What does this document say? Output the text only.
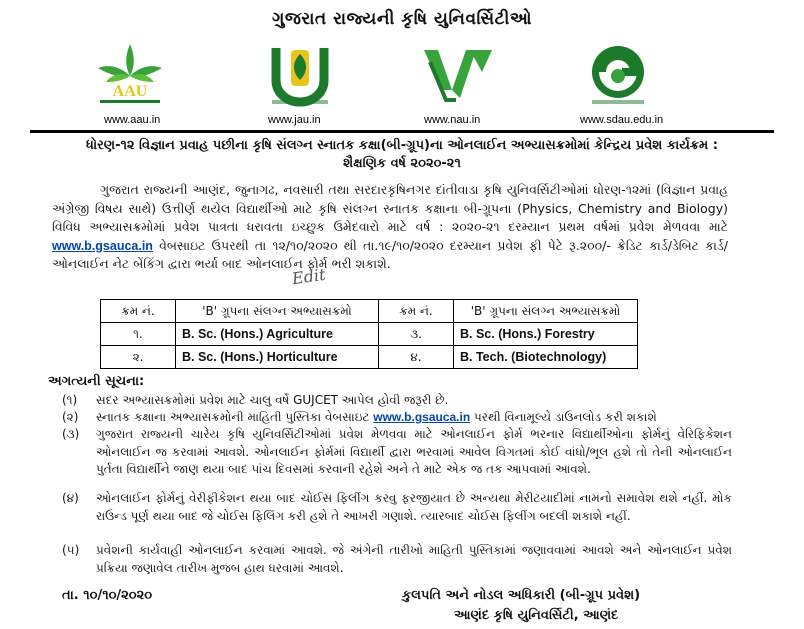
ગુજરાત રાજ્યની કૃષિ યુનિવર્સિટીઓ
AAU
www.aau.in	www.jau.in	www.nau.in	www.sdau.edu.in
ધોરણ-૧૨ વિજ્ઞાન પ્રવાહ પછીના કૃષિ સંલગ્ન સ્નાતક કક્ષા(બી-ગ્રૂપ)ના ઓનલાઈન અભ્યાસક્રમોમાં કેન્દ્રિય પ્રવેશ કાર્યક્રમ :
શૈક્ષણિક વર્ષ ૨૦૨૦-૨૧
ગુજરાત રાજ્યની આણંદ, જુનાગઢ, નવસારી તથા સરદારકૃષિનગર દાંતીવાડા કૃષિ યુનિવર્સિટીઓમાં ધોરણ-૧૨માં (વિજ્ઞાન પ્રવાહ અંગ્રેજી વિષય સાથે) ઉત્તીર્ણ થયેલ વિદ્યાર્થીઓ માટે કૃષિ સંલગ્ન સ્નાતક કક્ષાના બી-ગ્રૂપના (Physics, Chemistry and Biology) વિવિધ અભ્યાસક્રમોમાં પ્રવેશ પાત્રતા ધરાવતા ઇચ્છુક ઉમેદવારો માટે વર્ષ : ૨૦૨૦-૨૧ દરમ્યાન પ્રથમ વર્ષમાં પ્રવેશ મેળવવા માટે www.b.gsauca.in વેબસાઇટ ઉપરથી તા ૧૨/૧૦/૨૦૨૦ થી તા.૧૯/૧૦/૨૦૨૦ દરમ્યાન પ્રવેશ ફી પેટે રૂ.૨૦૦/- ક્રેડિટ કાર્ડ/ડેબિટ કાર્ડ/ઓનલાઈન નેટ બેંકિંગ દ્વારા ભર્યા બાદ ઓનલાઈન ફોર્મ ભરી શકાશે.
Edit
ક્રમ નં.	'B' ગ્રૂપના સંલગ્ન અભ્યાસક્રમો	ક્રમ નં.	'B' ગ્રૂપના સંલગ્ન અભ્યાસક્રમો
૧.	B. Sc. (Hons.) Agriculture	૩.	B. Sc. (Hons.) Forestry
૨.	B. Sc. (Hons.) Horticulture	૪.	B. Tech. (Biotechnology)
અગત્યની સૂચના:
(૧)	સદર અભ્યાસક્રમોમાં પ્રવેશ માટે ચાલુ વર્ષે GUJCET આપેલ હોવી જરૂરી છે.
(૨)	સ્નાતક કક્ષાના અભ્યાસક્રમોની માહિતી પુસ્તિકા વેબસાઇટ www.b.gsauca.in પરથી વિનામૂલ્યે ડાઉનલોડ કરી શકાશે
(૩)	ગુજરાત રાજ્યની ચારેય કૃષિ યુનિવર્સિટીઓમાં પ્રવેશ મેળવવા માટે ઓનલાઈન ફોર્મ ભરનાર વિદ્યાર્થીઓના ફોર્મનું વેરિફિકેશન ઓનલાઈન જ કરવામાં આવશે. ઓનલાઈન ફોર્મમાં વિદ્યાર્થી દ્વારા ભરવામાં આવેલ વિગતમાં કોઈ વાંધો/ભૂલ હશે તો તેની ઓનલાઈન પુર્તતા વિદ્યાર્થીને જાણ થયા બાદ પાંચ દિવસમાં કરવાની રહેશે અને તે માટે એક જ તક આપવામાં આવશે.
(૪)	ઓનલાઈન ફોર્મનું વેરીફીકેશન થયા બાદ ચોઈસ ફિલીંગ કરવુ ફરજીયાત છે અન્યથા મેરીટયાદીમાં નામનો સમાવેશ થશે નહીં. મોક રાઉન્ડ પૂર્ણ થયા બાદ જે ચોઈસ ફિલિંગ કરી હશે તે આખરી ગણાશે. ત્યારબાદ ચોઈસ ફિલીંગ બદલી શકાશે નહીં.
(૫)	પ્રવેશની કાર્યવાહી ઓનલાઈન કરવામાં આવશે. જે અંગેની તારીખો માહિતી પુસ્તિકામાં જણાવવામાં આવશે અને ઓનલાઈન પ્રવેશ પ્રક્રિયા જણાવેલ તારીખ મુજબ હાથ ધરવામાં આવશે.
તા. ૧૦/૧૦/૨૦૨૦	કુલપતિ અને નોડલ અધિકારી (બી-ગ્રૂપ પ્રવેશ)
આણંદ કૃષિ યુનિવર્સિટી, આણંદ
